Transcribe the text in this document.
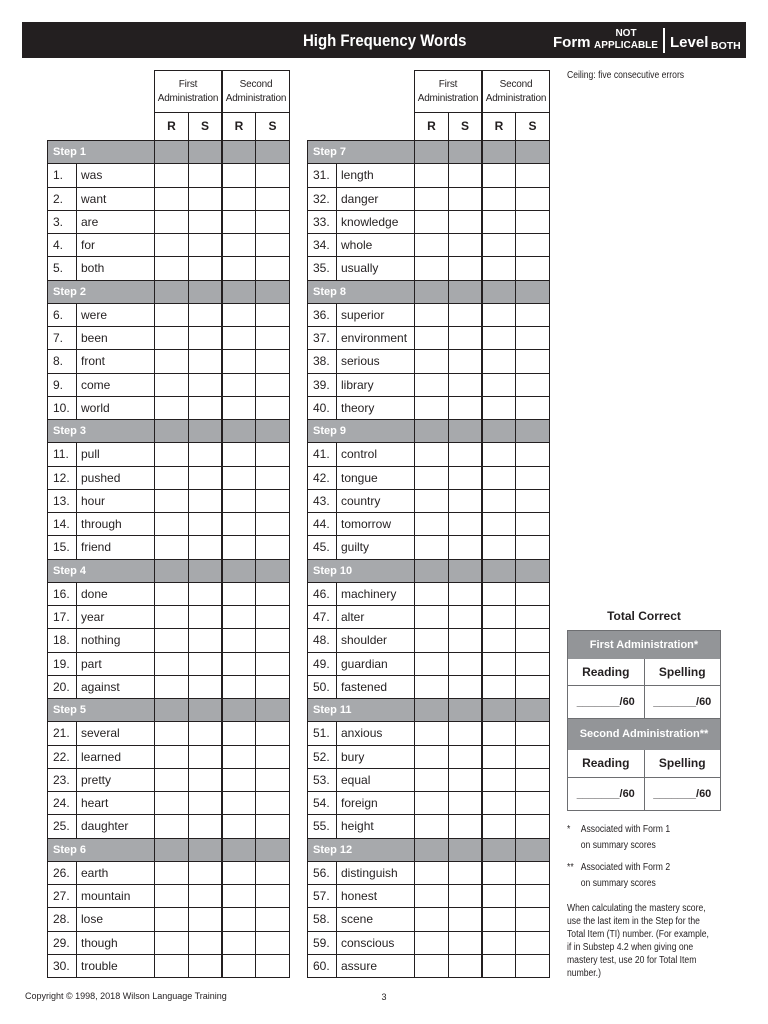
High Frequency Words	Form
NOT
APPLICABLE Level BOTH
First Administration
Second Administration
R	S	R	S
Step 1
1.	was
2.	want
3.	are
4.	for
5.	both
Step 2
6.	were
7.	been
8.	front
9.	come
10. world
Step 3
11.	pull
12. pushed
13. hour
14. through
15. friend
Step 4
16. done
17. year
18. nothing
19. part
20. against
Step 5
21. several
22. learned
23. pretty
24. heart
25. daughter
Step 6
26. earth
27. mountain
28. lose
29. though
30. trouble
First Administration
Second Administration
R	S	R	S
Step 7
31. length
32. danger
33. knowledge
34. whole
35. usually
Step 8
36. superior
37. environment
38. serious
39. library
40. theory
Step 9
41. control
42. tongue
43. country
44. tomorrow
45. guilty
Step 10
46. machinery
47. alter
48. shoulder
49. guardian
50. fastened
Step 11
51. anxious
52. bury
53. equal
54. foreign
55. height
Step 12
56. distinguish
57. honest
58. scene
59. conscious
60. assure
Ceiling: five consecutive errors
Total Correct
First Administration*
Reading	Spelling
_______/60	_______/60
Second Administration**
Reading	Spelling
_______/60	_______/60
*	Associated with Form 1 on summary scores
** Associated with Form 2 on summary scores
When calculating the mastery score, use the last item in the Step for the Total Item (TI) number. (For example, if in Substep 4.2 when giving one mastery test, use 20 for Total Item number.)
Copyright © 1998, 2018 Wilson Language Training	3
